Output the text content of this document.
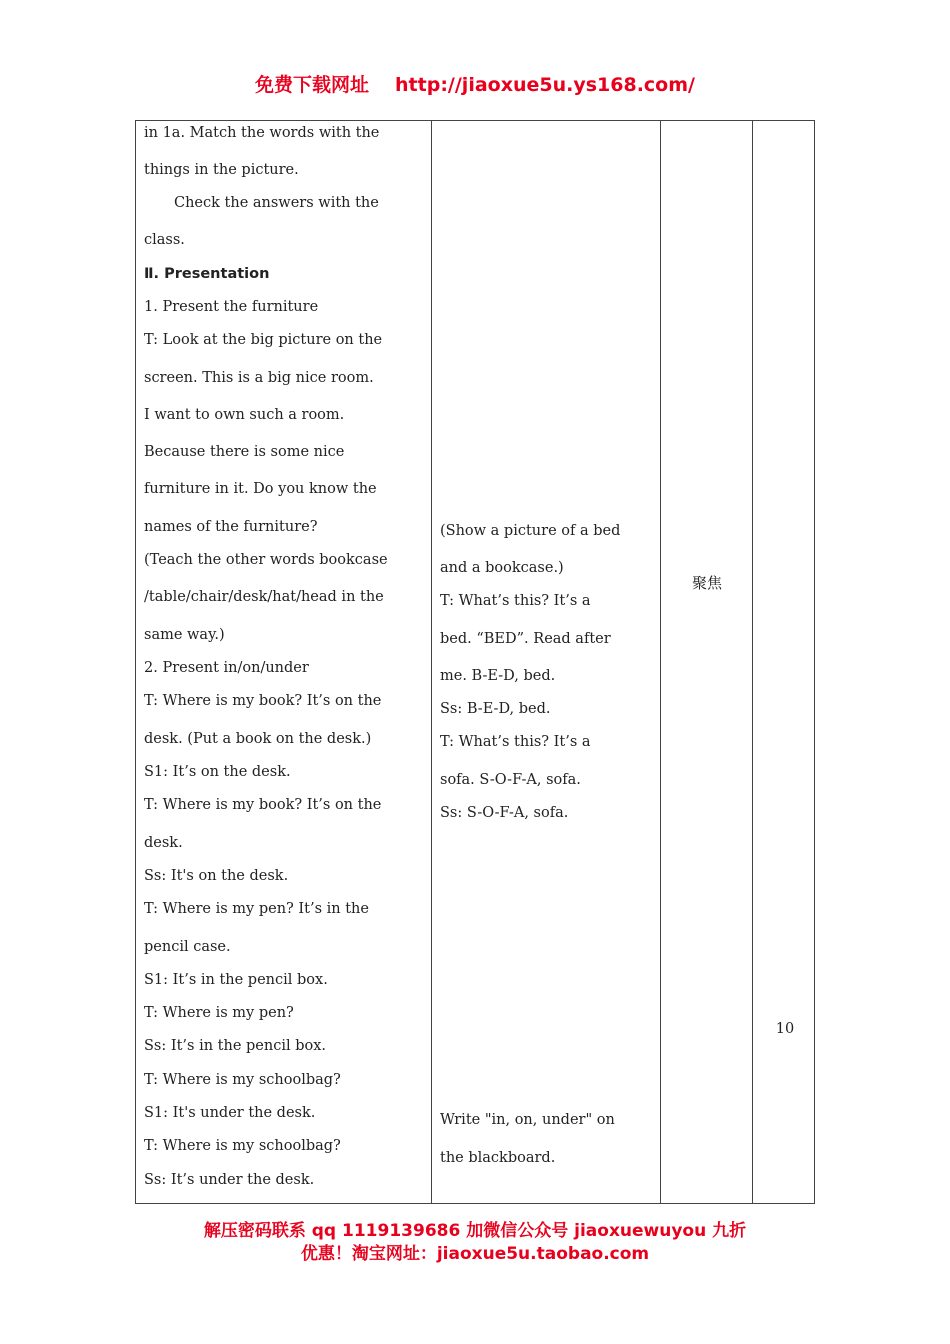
免费下载网址 http://jiaoxue5u.ys168.com/
in 1a. Match the words with the
things in the picture.
Check the answers with the
class.
Ⅱ. Presentation
1. Present the furniture
T: Look at the big picture on the
screen. This is a big nice room.
I want to own such a room.
Because there is some nice
furniture in it. Do you know the
names of the furniture?
(Teach the other words bookcase
/table/chair/desk/hat/head in the
same way.)
2. Present in/on/under
T: Where is my book? It’s on the
desk. (Put a book on the desk.)
S1: It’s on the desk.
T: Where is my book? It’s on the
desk.
Ss: It's on the desk.
T: Where is my pen? It’s in the
pencil case.
S1: It’s in the pencil box.
T: Where is my pen?
Ss: It’s in the pencil box.
T: Where is my schoolbag?
S1: It's under the desk.
T: Where is my schoolbag?
Ss: It’s under the desk.
(Show a picture of a bed
and a bookcase.)
T: What’s this? It’s a
bed. “BED”. Read after
me. B-E-D, bed.
Ss: B-E-D, bed.
T: What’s this? It’s a
sofa. S-O-F-A, sofa.
Ss: S-O-F-A, sofa.
Write "in, on, under" on
the blackboard.
聚焦
10
解压密码联系 qq 1119139686 加微信公众号 jiaoxuewuyou 九折
优惠！淘宝网址：jiaoxue5u.taobao.com
